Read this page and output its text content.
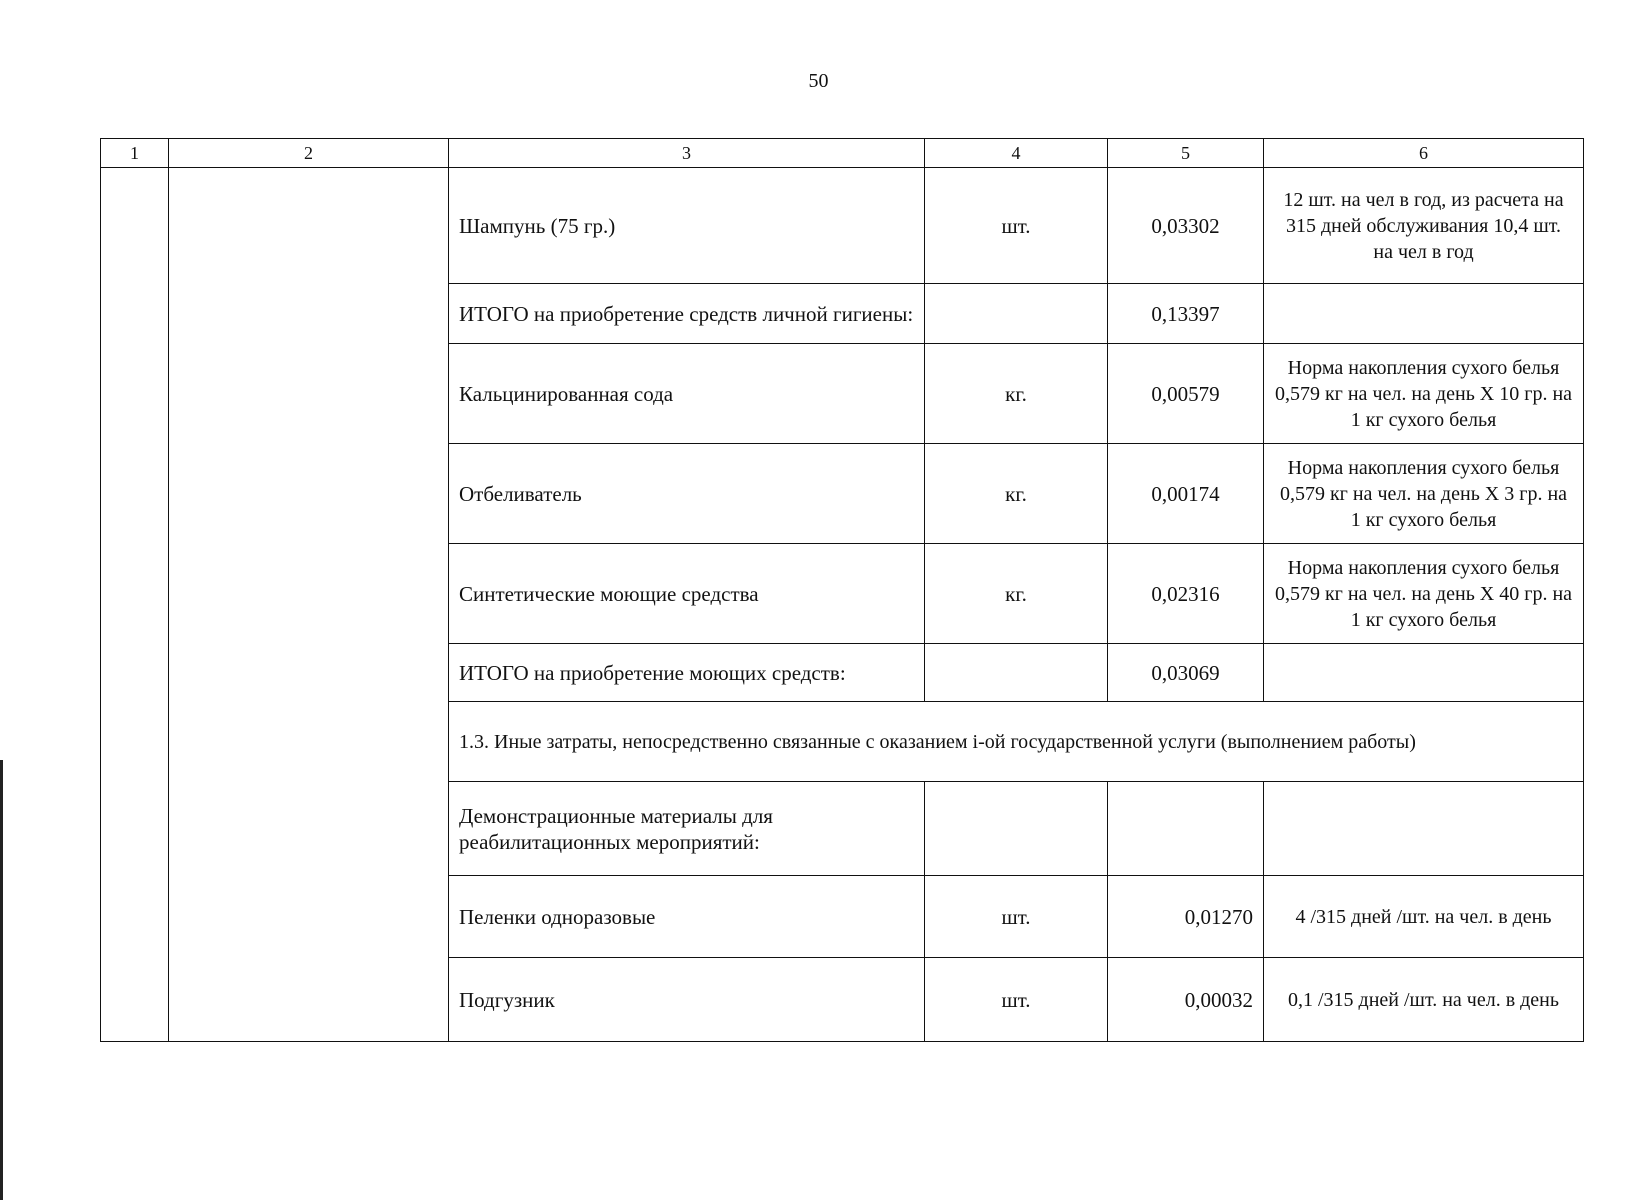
50
1	2	3	4	5	6
		Шампунь (75 гр.)	шт.	0,03302	12 шт. на чел в год, из расчета на 315 дней обслуживания 10,4 шт. на чел в год
		ИТОГО на приобретение средств личной гигиены:		0,13397	
		Кальцинированная сода	кг.	0,00579	Норма накопления сухого белья 0,579 кг на чел. на день X 10 гр. на 1 кг сухого белья
		Отбеливатель	кг.	0,00174	Норма накопления сухого белья 0,579 кг на чел. на день X 3 гр. на 1 кг сухого белья
		Синтетические моющие средства	кг.	0,02316	Норма накопления сухого белья 0,579 кг на чел. на день X 40 гр. на 1 кг сухого белья
		ИТОГО на приобретение моющих средств:		0,03069	
		1.3. Иные затраты, непосредственно связанные с оказанием i-ой государственной услуги (выполнением работы)			
		Демонстрационные материалы для реабилитационных мероприятий:			
		Пеленки одноразовые	шт.	0,01270	4 /315 дней /шт. на чел. в день
		Подгузник	шт.	0,00032	0,1 /315 дней /шт. на чел. в день
